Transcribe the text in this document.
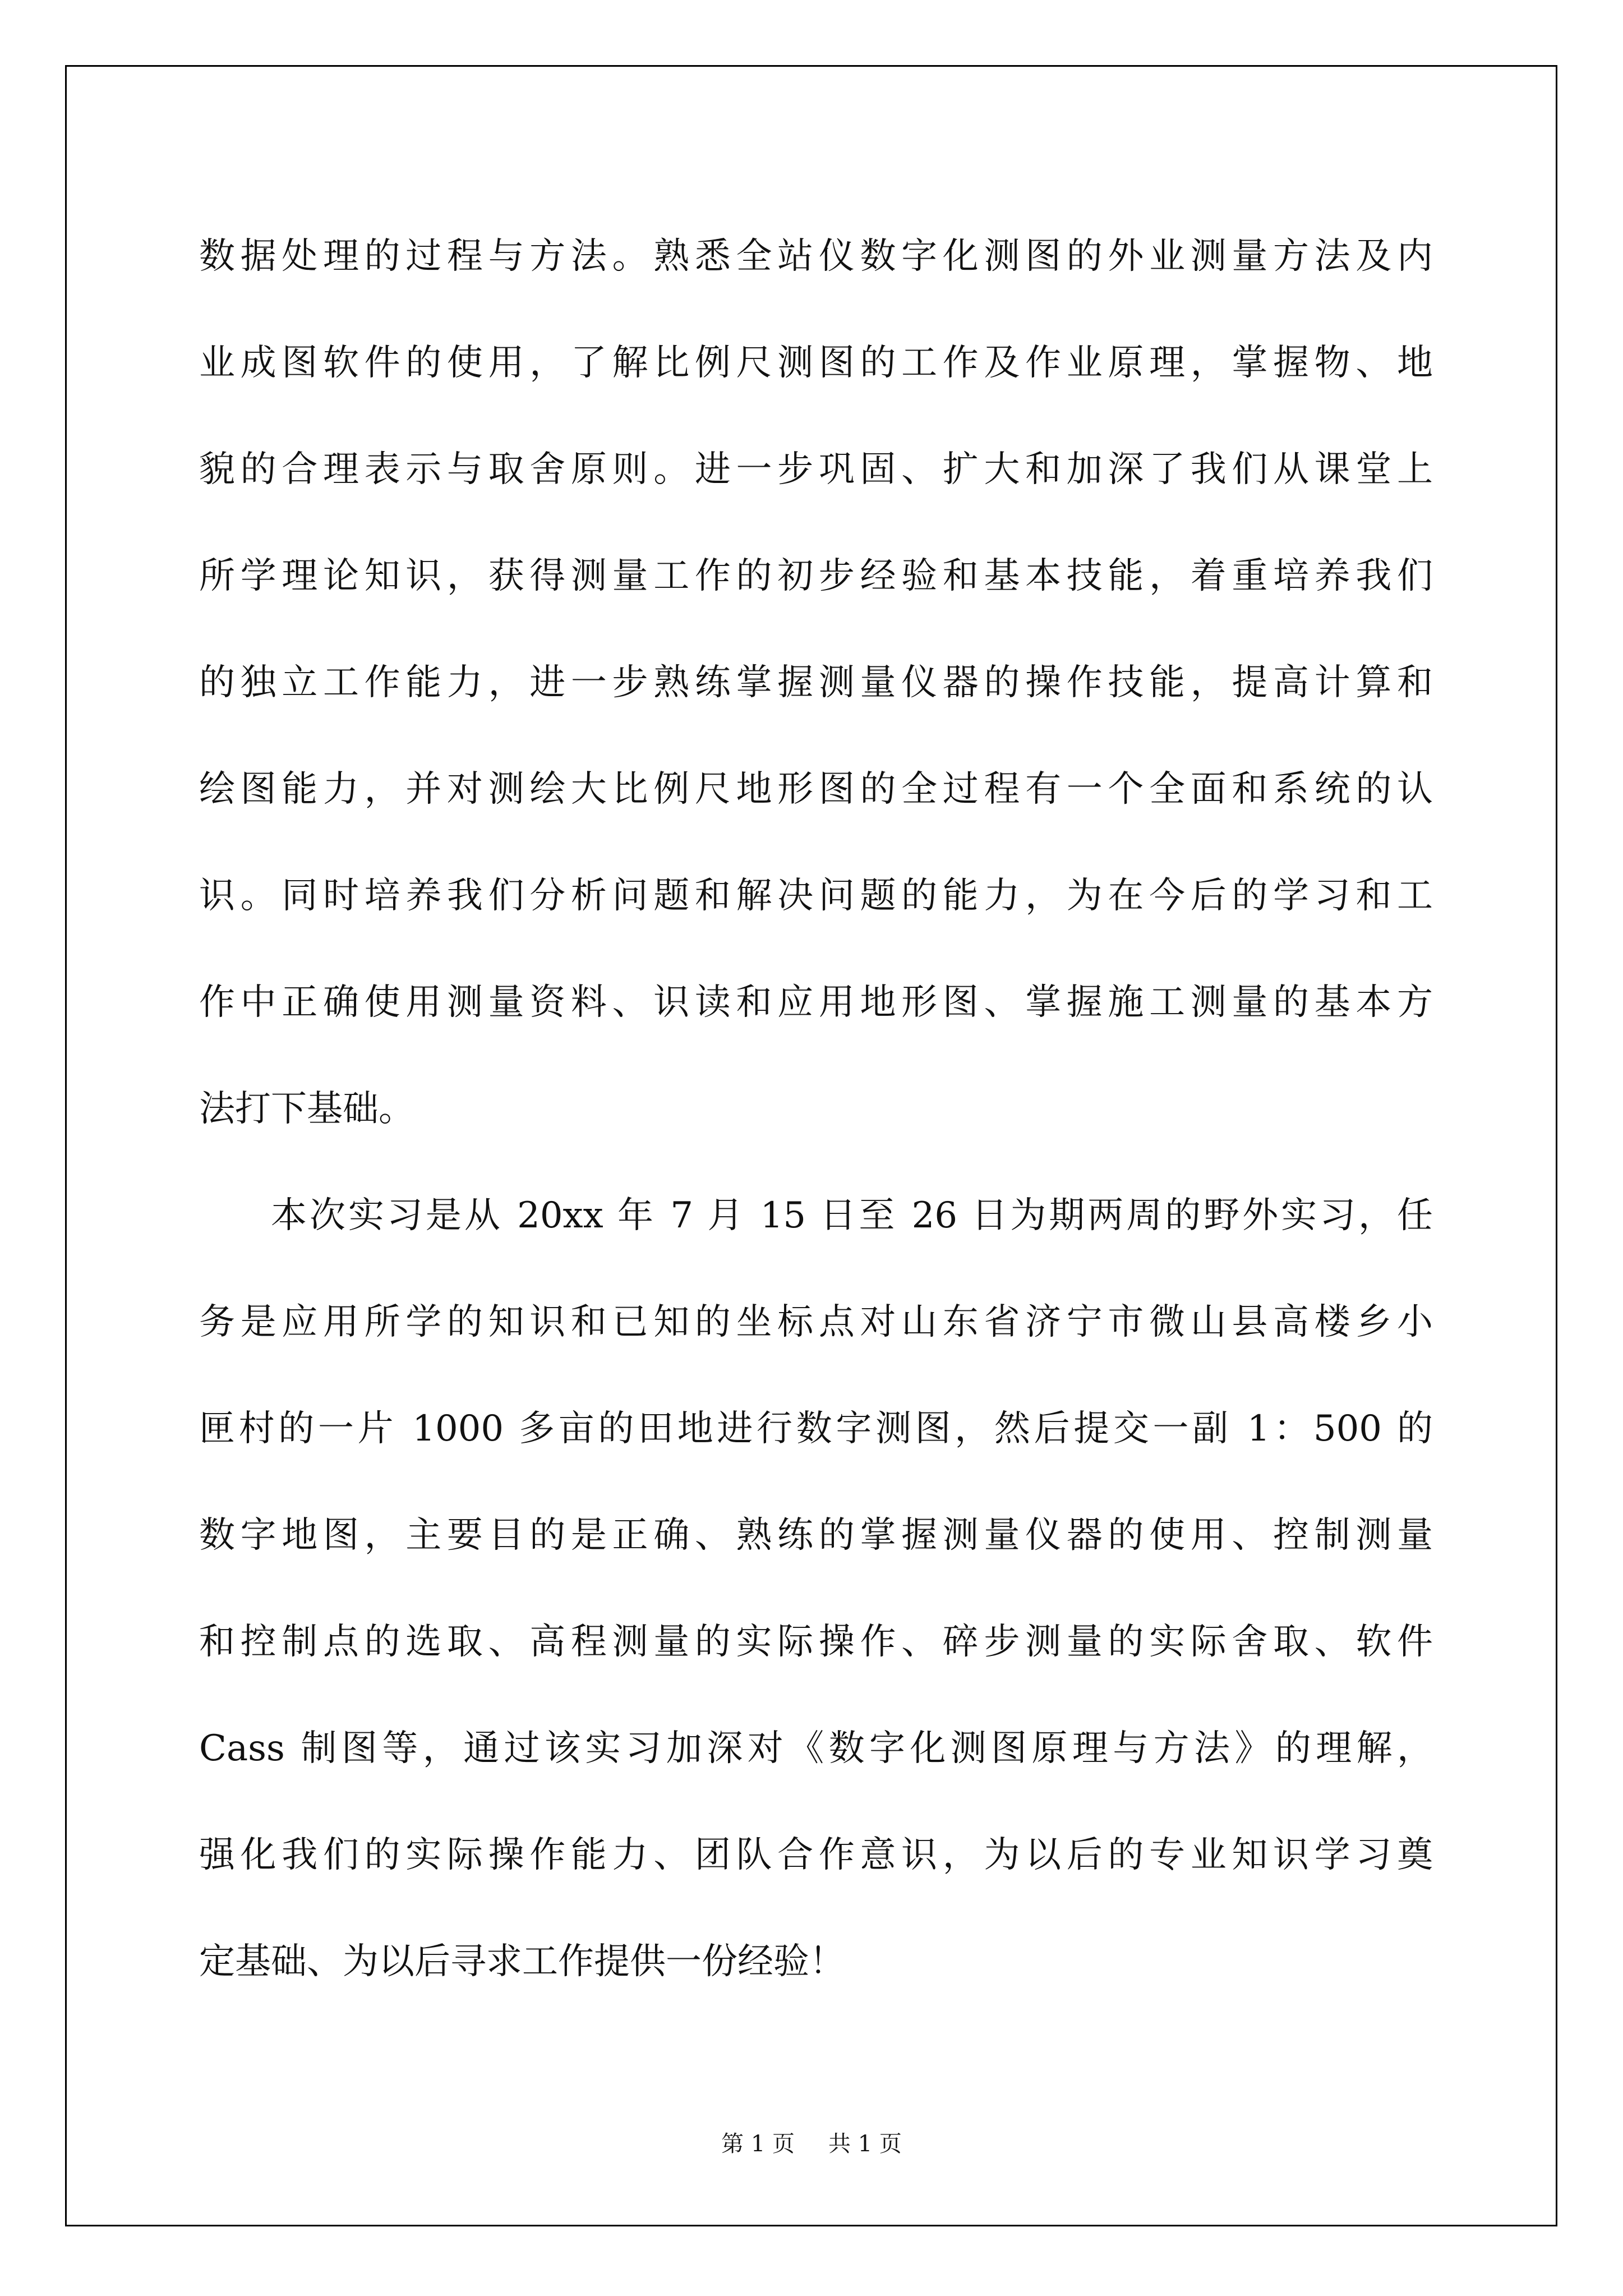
数据处理的过程与方法。熟悉全站仪数字化测图的外业测量方法及内
业成图软件的使用，了解比例尺测图的工作及作业原理，掌握物、地
貌的合理表示与取舍原则。进一步巩固、扩大和加深了我们从课堂上
所学理论知识，获得测量工作的初步经验和基本技能，着重培养我们
的独立工作能力，进一步熟练掌握测量仪器的操作技能，提高计算和
绘图能力，并对测绘大比例尺地形图的全过程有一个全面和系统的认
识。同时培养我们分析问题和解决问题的能力，为在今后的学习和工
作中正确使用测量资料、识读和应用地形图、掌握施工测量的基本方
法打下基础。
本次实习是从 20xx 年 7 月 15 日至 26 日为期两周的野外实习，任
务是应用所学的知识和已知的坐标点对山东省济宁市微山县高楼乡小
匣村的一片 1000 多亩的田地进行数字测图，然后提交一副 1：500 的
数字地图，主要目的是正确、熟练的掌握测量仪器的使用、控制测量
和控制点的选取、高程测量的实际操作、碎步测量的实际舍取、软件
Cass 制图等，通过该实习加深对《数字化测图原理与方法》的理解，
强化我们的实际操作能力、团队合作意识，为以后的专业知识学习奠
定基础、为以后寻求工作提供一份经验！
第 1 页 共 1 页
